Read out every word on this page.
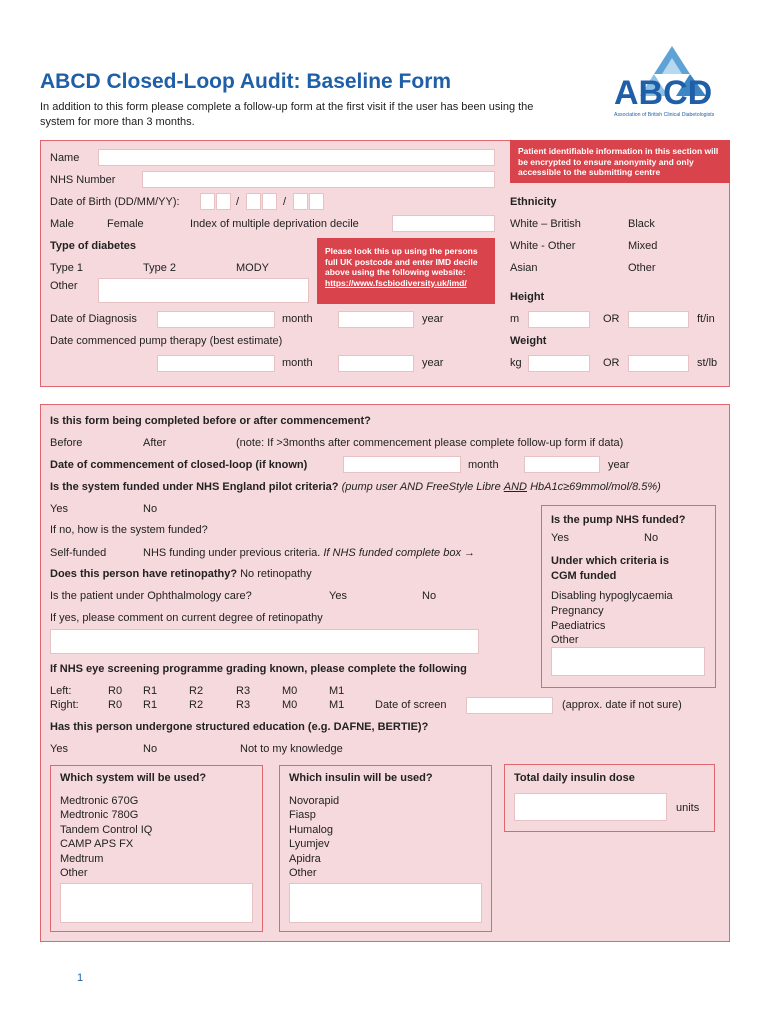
ABCD Closed-Loop Audit: Baseline Form
In addition to this form please complete a follow-up form at the first visit if the user has been using the system for more than 3 months.
ABCD
Association of British Clinical Diabetologists
Name
NHS Number
Date of Birth (DD/MM/YY):	/	/
Male	Female	Index of multiple deprivation decile
Type of diabetes
Type 1	Type 2	MODY
Other
Please look this up using the persons full UK postcode and enter IMD decile above using the following website: https://www.fscbiodiversity.uk/imd/
Date of Diagnosis	month	year
Date commenced pump therapy (best estimate)
month	year
Patient identifiable information in this section will be encrypted to ensure anonymity and only accessible to the submitting centre
Ethnicity
White – British	Black
White - Other	Mixed
Asian	Other
Height
m	OR	ft/in
Weight
kg	OR	st/lb
Is this form being completed before or after commencement?
Before	After	(note: If >3months after commencement please complete follow-up form if data)
Date of commencement of closed-loop (if known)	month	year
Is the system funded under NHS England pilot criteria? (pump user AND FreeStyle Libre AND HbA1c≥69mmol/mol/8.5%)
Yes	No
If no, how is the system funded?
Self-funded	NHS funding under previous criteria. If NHS funded complete box →
Does this person have retinopathy? No retinopathy
Is the patient under Ophthalmology care?	Yes	No
If yes, please comment on current degree of retinopathy
Is the pump NHS funded?
Yes	No
Under which criteria is CGM funded
Disabling hypoglycaemia
Pregnancy
Paediatrics
Other
If NHS eye screening programme grading known, please complete the following
Left:	R0 R1	R2	R3	M0	M1
Right:	R0 R1	R2	R3	M0	M1	Date of screen	(approx. date if not sure)
Has this person undergone structured education (e.g. DAFNE, BERTIE)?
Yes	No	Not to my knowledge
Which system will be used?
Medtronic 670G
Medtronic 780G
Tandem Control IQ
CAMP APS FX
Medtrum
Other
Which insulin will be used?
Novorapid
Fiasp
Humalog
Lyumjev
Apidra
Other
Total daily insulin dose
units
1
